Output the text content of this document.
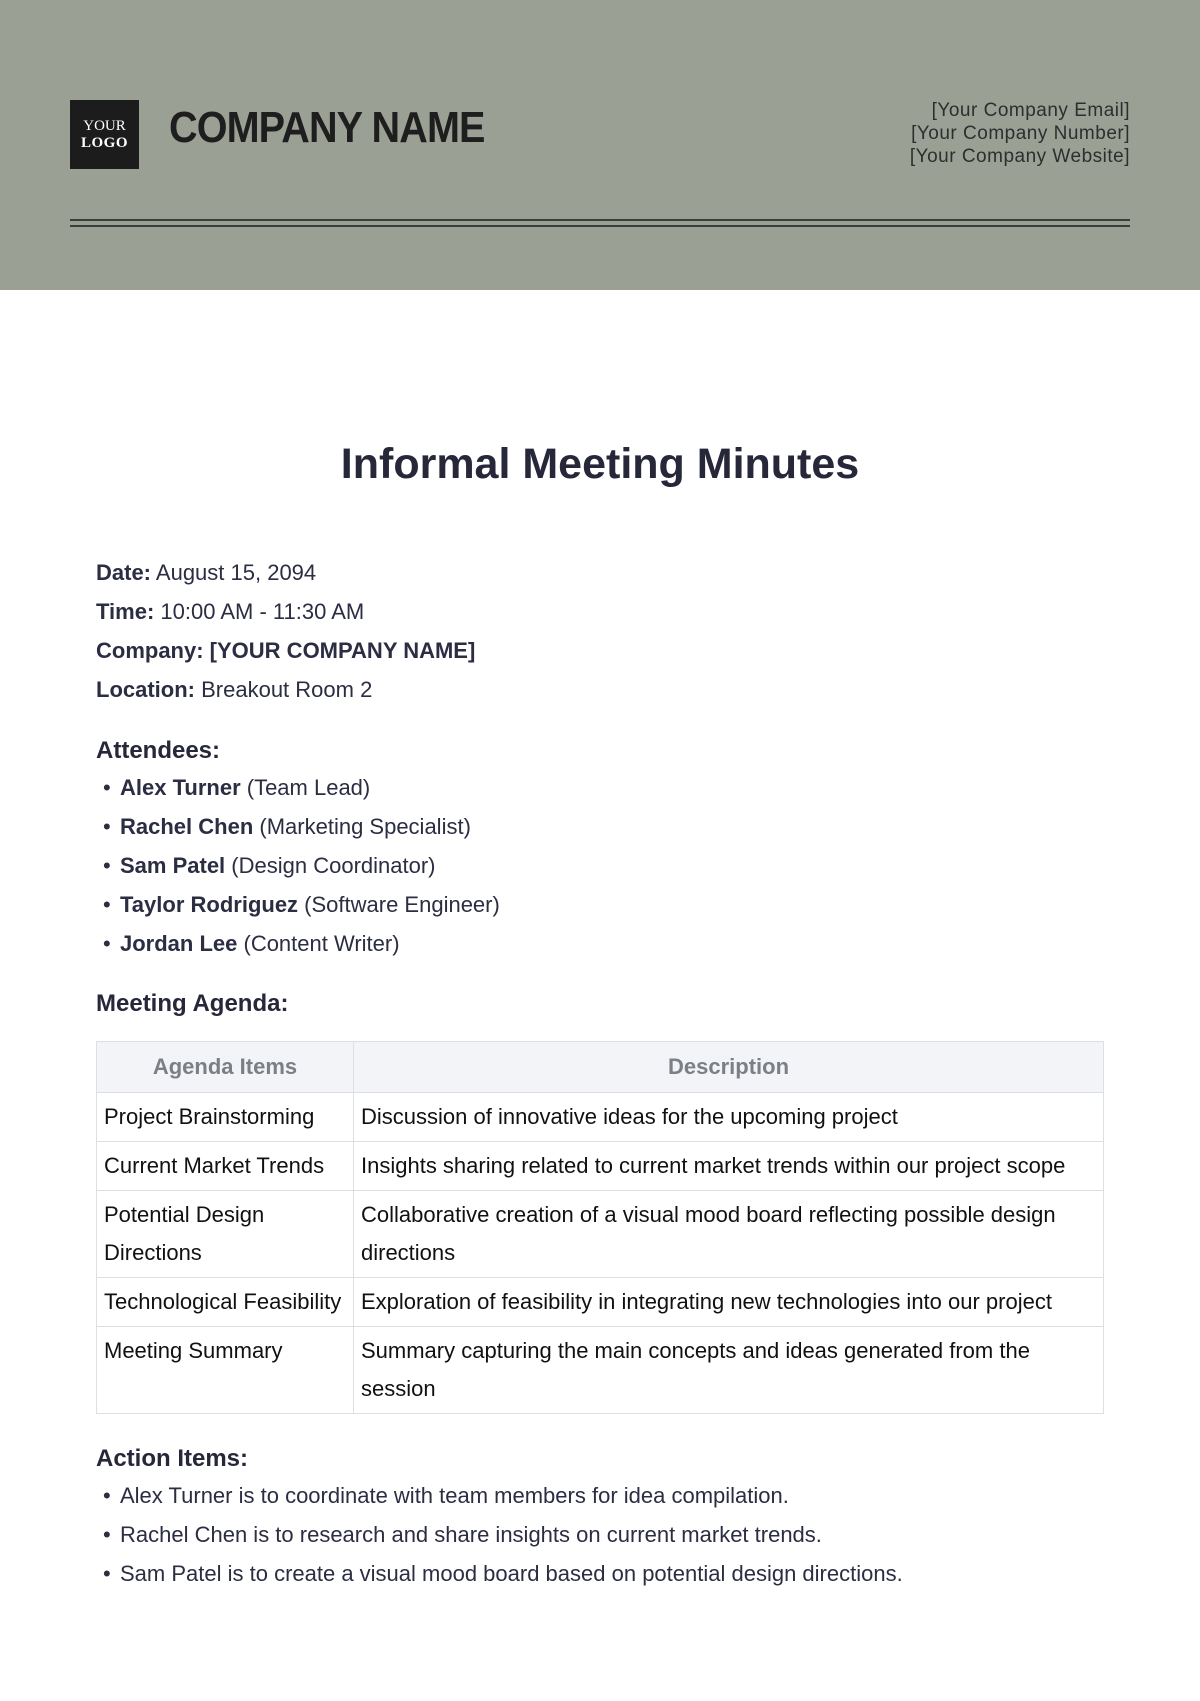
YOUR
LOGO COMPANY NAME	[Your Company Email]
[Your Company Number]
[Your Company Website]
Informal Meeting Minutes
Date: August 15, 2094
Time: 10:00 AM - 11:30 AM
Company: [YOUR COMPANY NAME]
Location: Breakout Room 2
Attendees:
• Alex Turner (Team Lead)
• Rachel Chen (Marketing Specialist)
• Sam Patel (Design Coordinator)
• Taylor Rodriguez (Software Engineer)
• Jordan Lee (Content Writer)
Meeting Agenda:
Agenda Items	Description
Project Brainstorming	Discussion of innovative ideas for the upcoming project
Current Market Trends	Insights sharing related to current market trends within our project scope
Potential Design Directions	Collaborative creation of a visual mood board reflecting possible design directions
Technological Feasibility	Exploration of feasibility in integrating new technologies into our project
Meeting Summary	Summary capturing the main concepts and ideas generated from the session
Action Items:
• Alex Turner is to coordinate with team members for idea compilation.
• Rachel Chen is to research and share insights on current market trends.
• Sam Patel is to create a visual mood board based on potential design directions.
